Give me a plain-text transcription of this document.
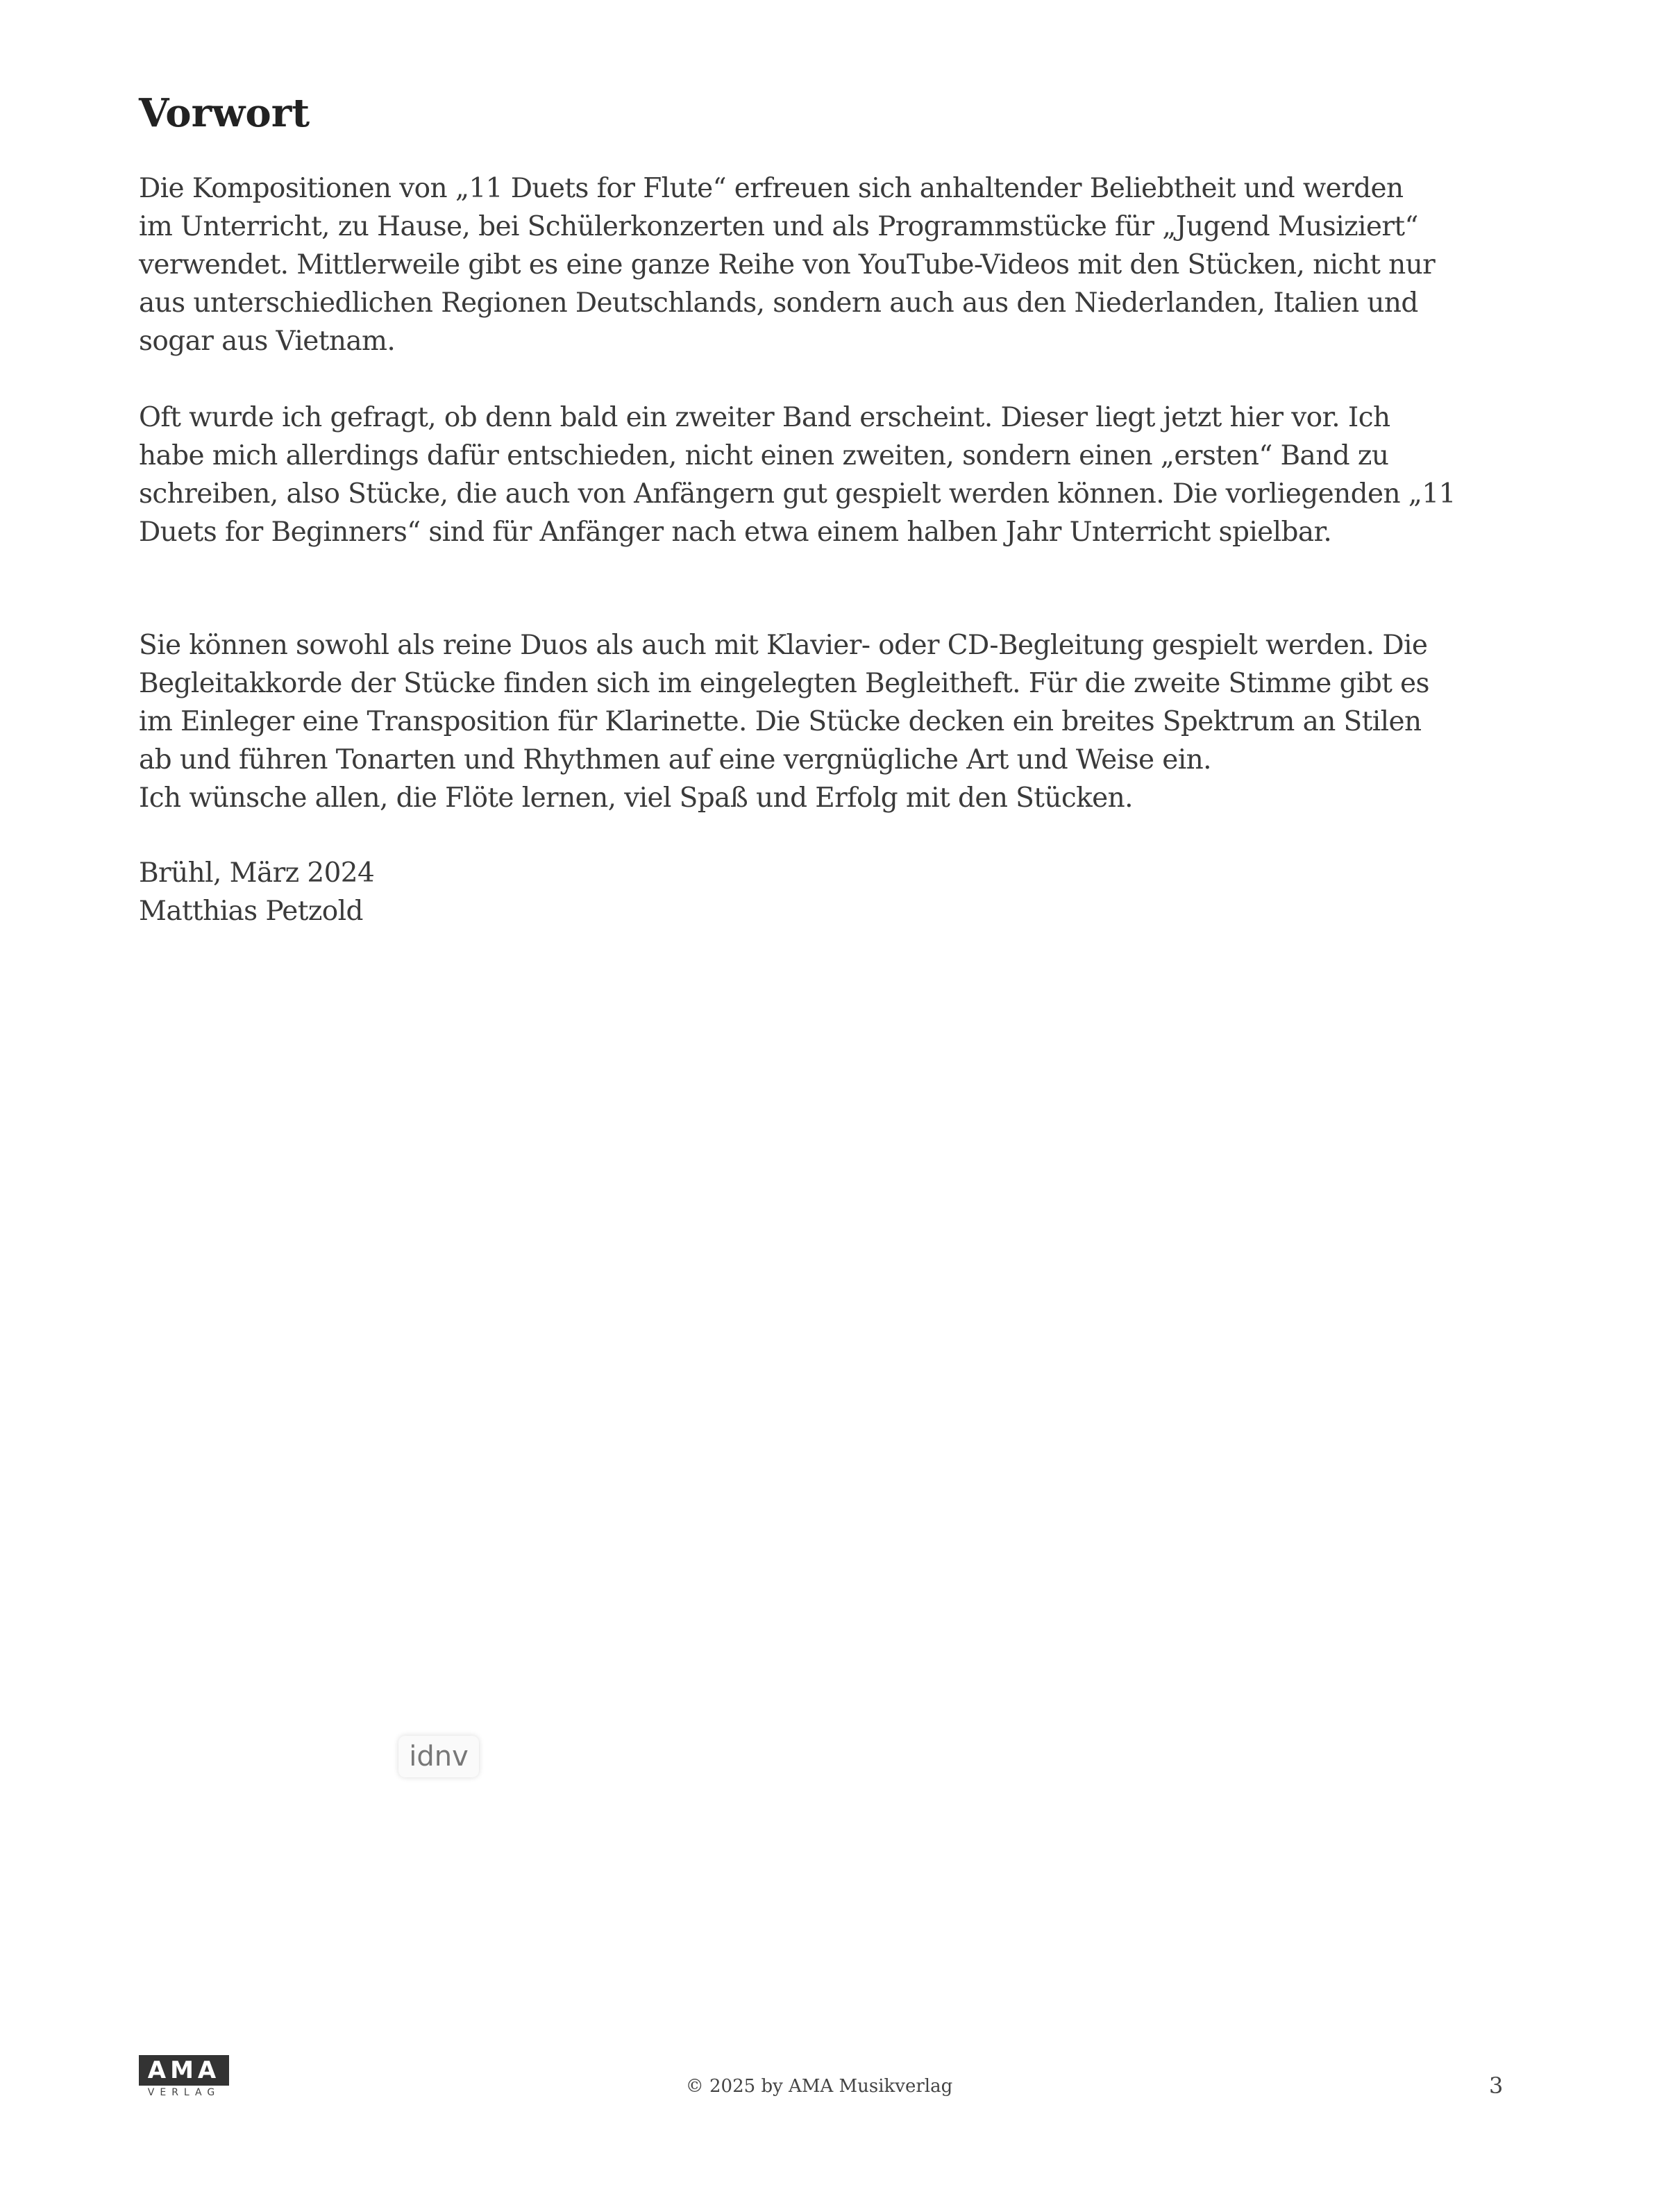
Vorwort
Die Kompositionen von „11 Duets for Flute“ erfreuen sich anhaltender Beliebtheit und werden
im Unterricht, zu Hause, bei Schülerkonzerten und als Programmstücke für „Jugend Musiziert“
verwendet. Mittlerweile gibt es eine ganze Reihe von YouTube-Videos mit den Stücken, nicht nur
aus unterschiedlichen Regionen Deutschlands, sondern auch aus den Niederlanden, Italien und
sogar aus Vietnam.
Oft wurde ich gefragt, ob denn bald ein zweiter Band erscheint. Dieser liegt jetzt hier vor. Ich
habe mich allerdings dafür entschieden, nicht einen zweiten, sondern einen „ersten“ Band zu
schreiben, also Stücke, die auch von Anfängern gut gespielt werden können. Die vorliegenden „11
Duets for Beginners“ sind für Anfänger nach etwa einem halben Jahr Unterricht spielbar.
Sie können sowohl als reine Duos als auch mit Klavier- oder CD-Begleitung gespielt werden. Die
Begleitakkorde der Stücke finden sich im eingelegten Begleitheft. Für die zweite Stimme gibt es
im Einleger eine Transposition für Klarinette. Die Stücke decken ein breites Spektrum an Stilen
ab und führen Tonarten und Rhythmen auf eine vergnügliche Art und Weise ein.
Ich wünsche allen, die Flöte lernen, viel Spaß und Erfolg mit den Stücken.
Brühl, März 2024
Matthias Petzold
idnv
AMA
VERLAG	© 2025 by AMA Musikverlag	3
